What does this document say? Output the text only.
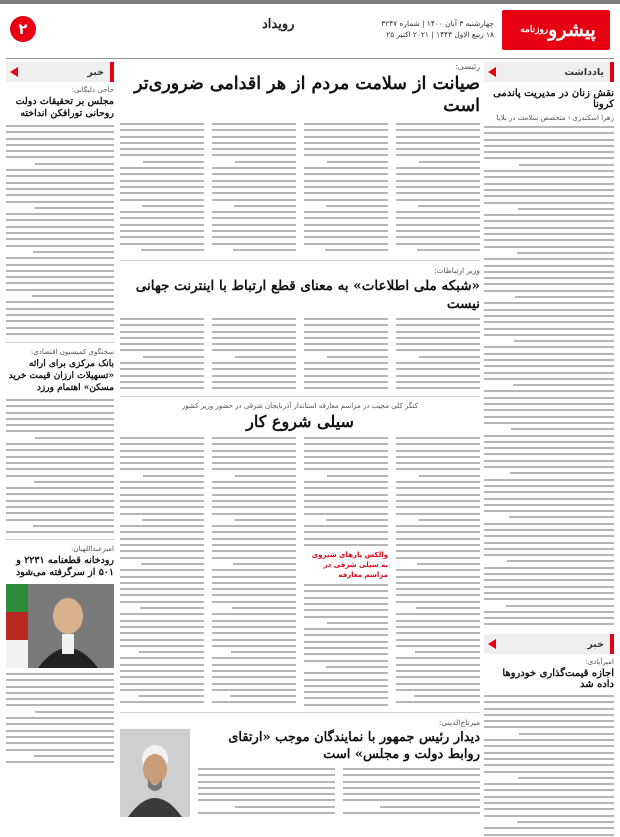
پیشرو
روزنامه
چهارشنبه ۳ آبان ۱۴۰۰ | شماره ۳۲۴۷
۱۸ ربیع الاول ۱۴۴۳ | ۲۰۲۱ اکتبر ۲۵
رویداد
۲
یادداشت
نقش زنان در مدیریت پاندمی کرونا
زهرا اسکندری - متخصص سلامت در بلایا
خبر
امیرآبادی:
اجازه قیمت‌گذاری خودروها داده شد
خبر
حاجی دلیگانی:
مجلس بر تحقیقات دولت روحانی تورافکن انداخته
سخنگوی کمیسیون اقتصادی:
بانک مرکزی برای ارائه «تسهیلات ارزان قیمت خرید مسکن» اهتمام ورزد
امیرعبداللهیان:
رودخانه قطعنامه ۲۲۳۱ و ۵۰۱ از سرگرفته می‌شود
رئیسی:
صیانت از سلامت مردم از هر اقدامی ضروری‌تر است
وزیر ارتباطات:
«شبکه ملی اطلاعات» به معنای قطع ارتباط با اینترنت جهانی نیست
کنگر کلی مجیب در مراسم معارفه استاندار آذربایجان شرقی در حضور وزیر کشور
سیلی شروع کار
والکس یارهای شیروی به سیلی شرقی در مراسم معارفه
میرتاج‌الدینی:
دیدار رئیس جمهور با نمایندگان موجب «ارتقای روابط دولت و مجلس» است
